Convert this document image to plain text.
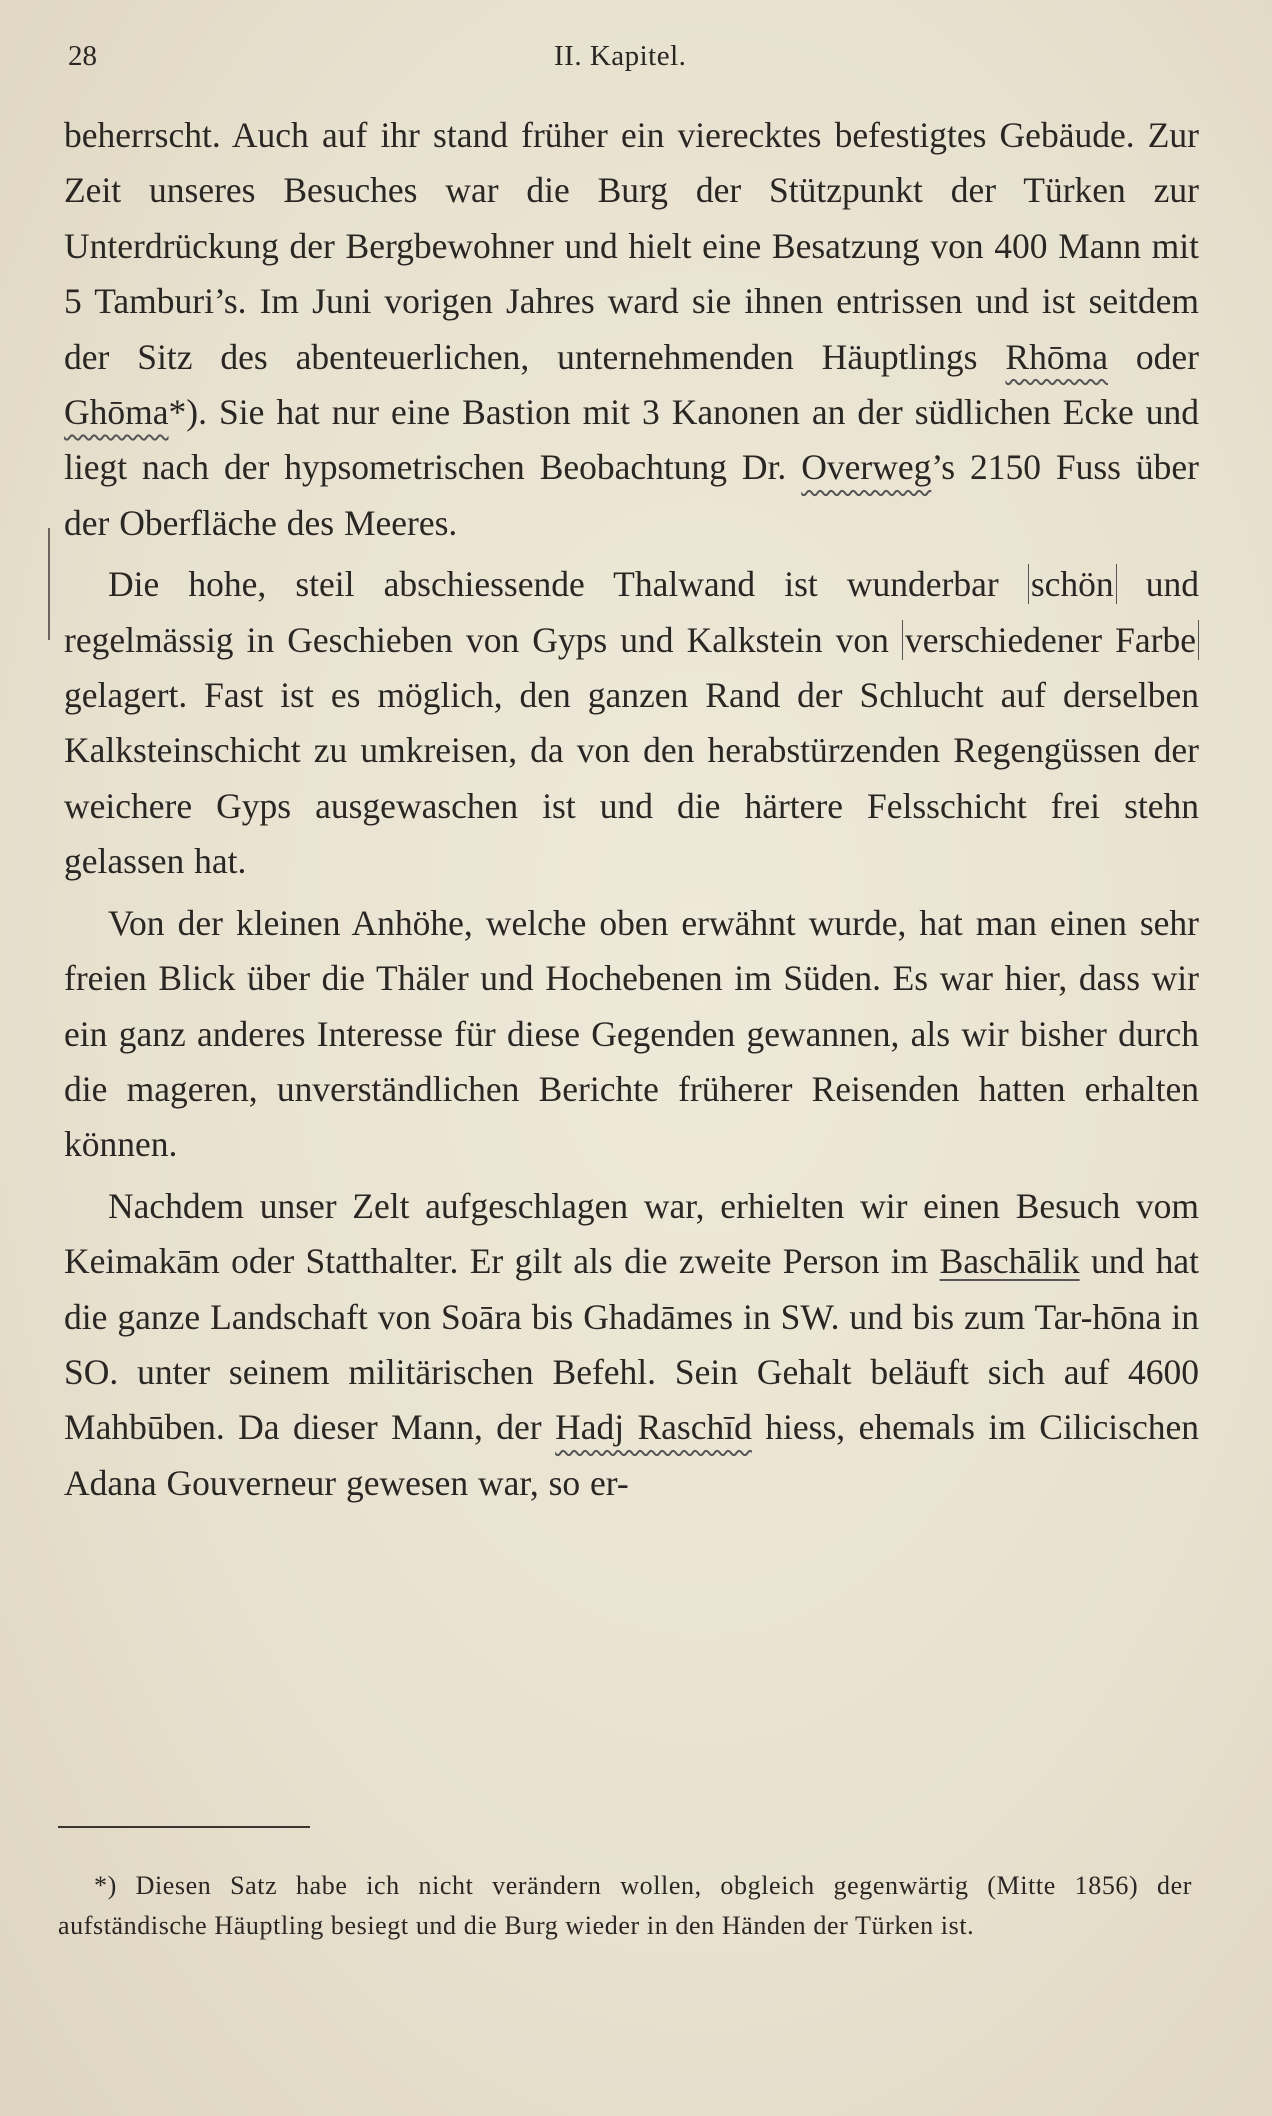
28	II. Kapitel.

beherrscht. Auch auf ihr stand früher ein vierecktes befestigtes Gebäude. Zur Zeit unseres Besuches war die Burg der Stützpunkt der Türken zur Unterdrückung der Bergbewohner und hielt eine Besatzung von 400 Mann mit 5 Tamburi’s. Im Juni vorigen Jahres ward sie ihnen entrissen und ist seitdem der Sitz des abenteuerlichen, unternehmenden Häuptlings Rhōma oder Ghōma*). Sie hat nur eine Bastion mit 3 Kanonen an der südlichen Ecke und liegt nach der hypsometrischen Beobachtung Dr. Overweg’s 2150 Fuss über der Oberfläche des Meeres.

Die hohe, steil abschiessende Thalwand ist wunderbar schön und regelmässig in Geschieben von Gyps und Kalkstein von verschiedener Farbe gelagert. Fast ist es möglich, den ganzen Rand der Schlucht auf derselben Kalksteinschicht zu umkreisen, da von den herabstürzenden Regengüssen der weichere Gyps ausgewaschen ist und die härtere Felsschicht frei stehn gelassen hat.

Von der kleinen Anhöhe, welche oben erwähnt wurde, hat man einen sehr freien Blick über die Thäler und Hochebenen im Süden. Es war hier, dass wir ein ganz anderes Interesse für diese Gegenden gewannen, als wir bisher durch die mageren, unverständlichen Berichte früherer Reisenden hatten erhalten können.

Nachdem unser Zelt aufgeschlagen war, erhielten wir einen Besuch vom Keimakām oder Statthalter. Er gilt als die zweite Person im Baschālik und hat die ganze Landschaft von Soāra bis Ghadāmes in SW. und bis zum Tar-hōna in SO. unter seinem militärischen Befehl. Sein Gehalt beläuft sich auf 4600 Mahbūben. Da dieser Mann, der Hadj Raschīd hiess, ehemals im Cilicischen Adana Gouverneur gewesen war, so er-

*) Diesen Satz habe ich nicht verändern wollen, obgleich gegenwärtig (Mitte 1856) der aufständische Häuptling besiegt und die Burg wieder in den Händen der Türken ist.
